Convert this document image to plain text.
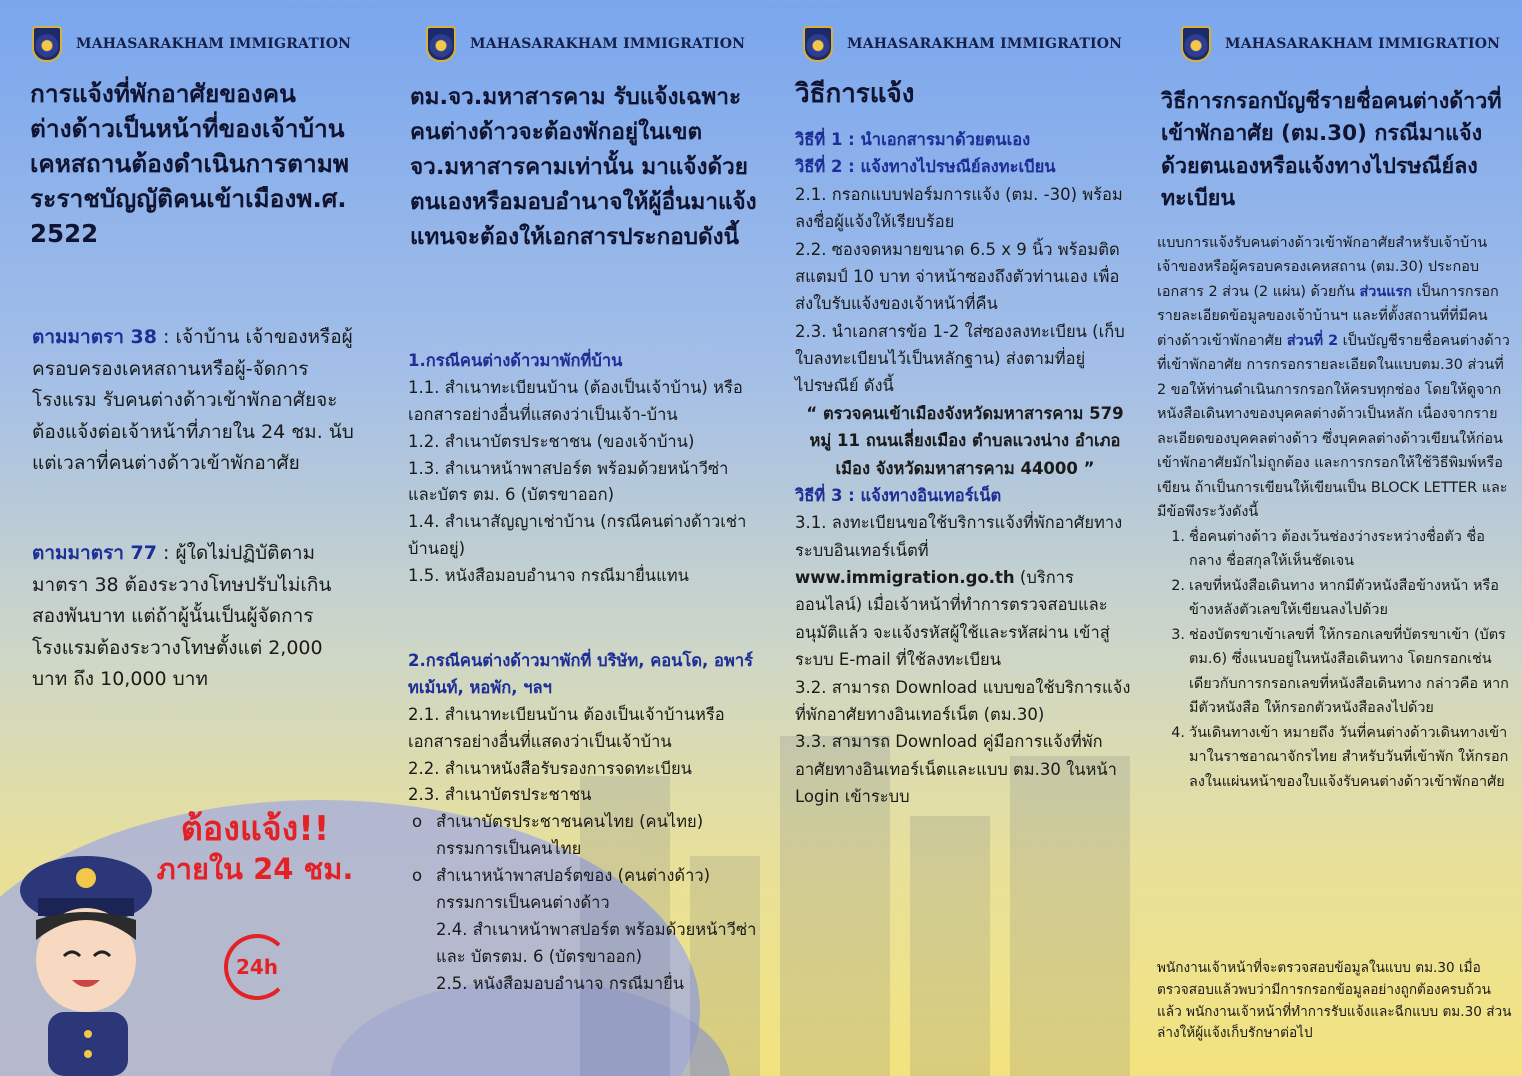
MAHASARAKHAM IMMIGRATION
การแจ้งที่พักอาศัยของคนต่างด้าวเป็นหน้าที่ของเจ้าบ้านเคหสถานต้องดำเนินการตามพระราชบัญญัติคนเข้าเมืองพ.ศ. 2522

ตามมาตรา 38 : เจ้าบ้าน เจ้าของหรือผู้ครอบครองเคหสถานหรือผู้-จัดการโรงแรม รับคนต่างด้าวเข้าพักอาศัยจะต้องแจ้งต่อเจ้าหน้าที่ภายใน 24 ชม. นับแต่เวลาที่คนต่างด้าวเข้าพักอาศัย

ตามมาตรา 77 : ผู้ใดไม่ปฏิบัติตามมาตรา 38 ต้องระวางโทษปรับไม่เกินสองพันบาท แต่ถ้าผู้นั้นเป็นผู้จัดการโรงแรมต้องระวางโทษตั้งแต่ 2,000 บาท ถึง 10,000 บาท

ต้องแจ้ง!!
ภายใน 24 ชม.
24h
MAHASARAKHAM IMMIGRATION
ตม.จว.มหาสารคาม รับแจ้งเฉพาะคนต่างด้าวจะต้องพักอยู่ในเขตจว.มหาสารคามเท่านั้น มาแจ้งด้วยตนเองหรือมอบอำนาจให้ผู้อื่นมาแจ้งแทนจะต้องให้เอกสารประกอบดังนี้
1.กรณีคนต่างด้าวมาพักที่บ้าน
1.1. สำเนาทะเบียนบ้าน (ต้องเป็นเจ้าบ้าน) หรือเอกสารอย่างอื่นที่แสดงว่าเป็นเจ้า-บ้าน
1.2. สำเนาบัตรประชาชน (ของเจ้าบ้าน)
1.3. สำเนาหน้าพาสปอร์ต พร้อมด้วยหน้าวีซ่า และบัตร ตม. 6 (บัตรขาออก)
1.4. สำเนาสัญญาเช่าบ้าน (กรณีคนต่างด้าวเช่าบ้านอยู่)
1.5. หนังสือมอบอำนาจ กรณีมายื่นแทน
2.กรณีคนต่างด้าวมาพักที่ บริษัท, คอนโด, อพาร์ทเม้นท์, หอพัก, ฯลฯ
2.1. สำเนาทะเบียนบ้าน ต้องเป็นเจ้าบ้านหรือ เอกสารอย่างอื่นที่แสดงว่าเป็นเจ้าบ้าน
2.2. สำเนาหนังสือรับรองการจดทะเบียน
2.3. สำเนาบัตรประชาชน
o สำเนาบัตรประชาชนคนไทย (คนไทย) กรรมการเป็นคนไทย
o สำเนาหน้าพาสปอร์ตของ (คนต่างด้าว) กรรมการเป็นคนต่างด้าว
2.4. สำเนาหน้าพาสปอร์ต พร้อมด้วยหน้าวีซ่า และ บัตรตม. 6 (บัตรขาออก)
2.5. หนังสือมอบอำนาจ กรณีมายื่น
MAHASARAKHAM IMMIGRATION
วิธีการแจ้ง
วิธีที่ 1 : นำเอกสารมาด้วยตนเอง
วิธีที่ 2 : แจ้งทางไปรษณีย์ลงทะเบียน
2.1. กรอกแบบฟอร์มการแจ้ง (ตม. -30) พร้อมลงชื่อผู้แจ้งให้เรียบร้อย
2.2. ซองจดหมายขนาด 6.5 x 9 นิ้ว พร้อมติดสแตมป์ 10 บาท จ่าหน้าซองถึงตัวท่านเอง เพื่อส่งใบรับแจ้งของเจ้าหน้าที่คืน
2.3. นำเอกสารข้อ 1-2 ใส่ซองลงทะเบียน (เก็บใบลงทะเบียนไว้เป็นหลักฐาน) ส่งตามที่อยู่ไปรษณีย์ ดังนี้
“ ตรวจคนเข้าเมืองจังหวัดมหาสารคาม 579 หมู่ 11 ถนนเลี่ยงเมือง ตำบลแวงน่าง อำเภอเมือง จังหวัดมหาสารคาม 44000 ”
วิธีที่ 3 : แจ้งทางอินเทอร์เน็ต
3.1. ลงทะเบียนขอใช้บริการแจ้งที่พักอาศัยทางระบบอินเทอร์เน็ตที่ www.immigration.go.th (บริการออนไลน์) เมื่อเจ้าหน้าที่ทำการตรวจสอบและอนุมัติแล้ว จะแจ้งรหัสผู้ใช้และรหัสผ่าน เข้าสู่ระบบ E-mail ที่ใช้ลงทะเบียน
3.2. สามารถ Download แบบขอใช้บริการแจ้งที่พักอาศัยทางอินเทอร์เน็ต (ตม.30)
3.3. สามารถ Download คู่มือการแจ้งที่พักอาศัยทางอินเทอร์เน็ตและแบบ ตม.30 ในหน้า Login เข้าระบบ
MAHASARAKHAM IMMIGRATION
วิธีการกรอกบัญชีรายชื่อคนต่างด้าวที่เข้าพักอาศัย (ตม.30) กรณีมาแจ้งด้วยตนเองหรือแจ้งทางไปรษณีย์ลงทะเบียน

แบบการแจ้งรับคนต่างด้าวเข้าพักอาศัยสำหรับเจ้าบ้าน เจ้าของหรือผู้ครอบครองเคหสถาน (ตม.30) ประกอบเอกสาร 2 ส่วน (2 แผ่น) ด้วยกัน ส่วนแรก เป็นการกรอกรายละเอียดข้อมูลของเจ้าบ้านฯ และที่ตั้งสถานที่ที่มีคนต่างด้าวเข้าพักอาศัย ส่วนที่ 2 เป็นบัญชีรายชื่อคนต่างด้าวที่เข้าพักอาศัย การกรอกรายละเอียดในแบบตม.30 ส่วนที่ 2 ขอให้ท่านดำเนินการกรอกให้ครบทุกช่อง โดยให้ดูจากหนังสือเดินทางของบุคคลต่างด้าวเป็นหลัก เนื่องจากรายละเอียดของบุคคลต่างด้าว ซึ่งบุคคลต่างด้าวเขียนให้ก่อนเข้าพักอาศัยมักไม่ถูกต้อง และการกรอกให้ใช้วิธีพิมพ์หรือเขียน ถ้าเป็นการเขียนให้เขียนเป็น BLOCK LETTER และมีข้อพึงระวังดังนี้

1. ชื่อคนต่างด้าว ต้องเว้นช่องว่างระหว่างชื่อตัว ชื่อกลาง ชื่อสกุลให้เห็นชัดเจน
2. เลขที่หนังสือเดินทาง หากมีตัวหนังสือข้างหน้า หรือข้างหลังตัวเลขให้เขียนลงไปด้วย
3. ช่องบัตรขาเข้าเลขที่ ให้กรอกเลขที่บัตรขาเข้า (บัตรตม.6) ซึ่งแนบอยู่ในหนังสือเดินทาง โดยกรอกเช่นเดียวกับการกรอกเลขที่หนังสือเดินทาง กล่าวคือ หากมีตัวหนังสือ ให้กรอกตัวหนังสือลงไปด้วย
4. วันเดินทางเข้า หมายถึง วันที่คนต่างด้าวเดินทางเข้ามาในราชอาณาจักรไทย สำหรับวันที่เข้าพัก ให้กรอกลงในแผ่นหน้าของใบแจ้งรับคนต่างด้าวเข้าพักอาศัย

พนักงานเจ้าหน้าที่จะตรวจสอบข้อมูลในแบบ ตม.30 เมื่อตรวจสอบแล้วพบว่ามีการกรอกข้อมูลอย่างถูกต้องครบถ้วนแล้ว พนักงานเจ้าหน้าที่ทำการรับแจ้งและฉีกแบบ ตม.30 ส่วนล่างให้ผู้แจ้งเก็บรักษาต่อไป
